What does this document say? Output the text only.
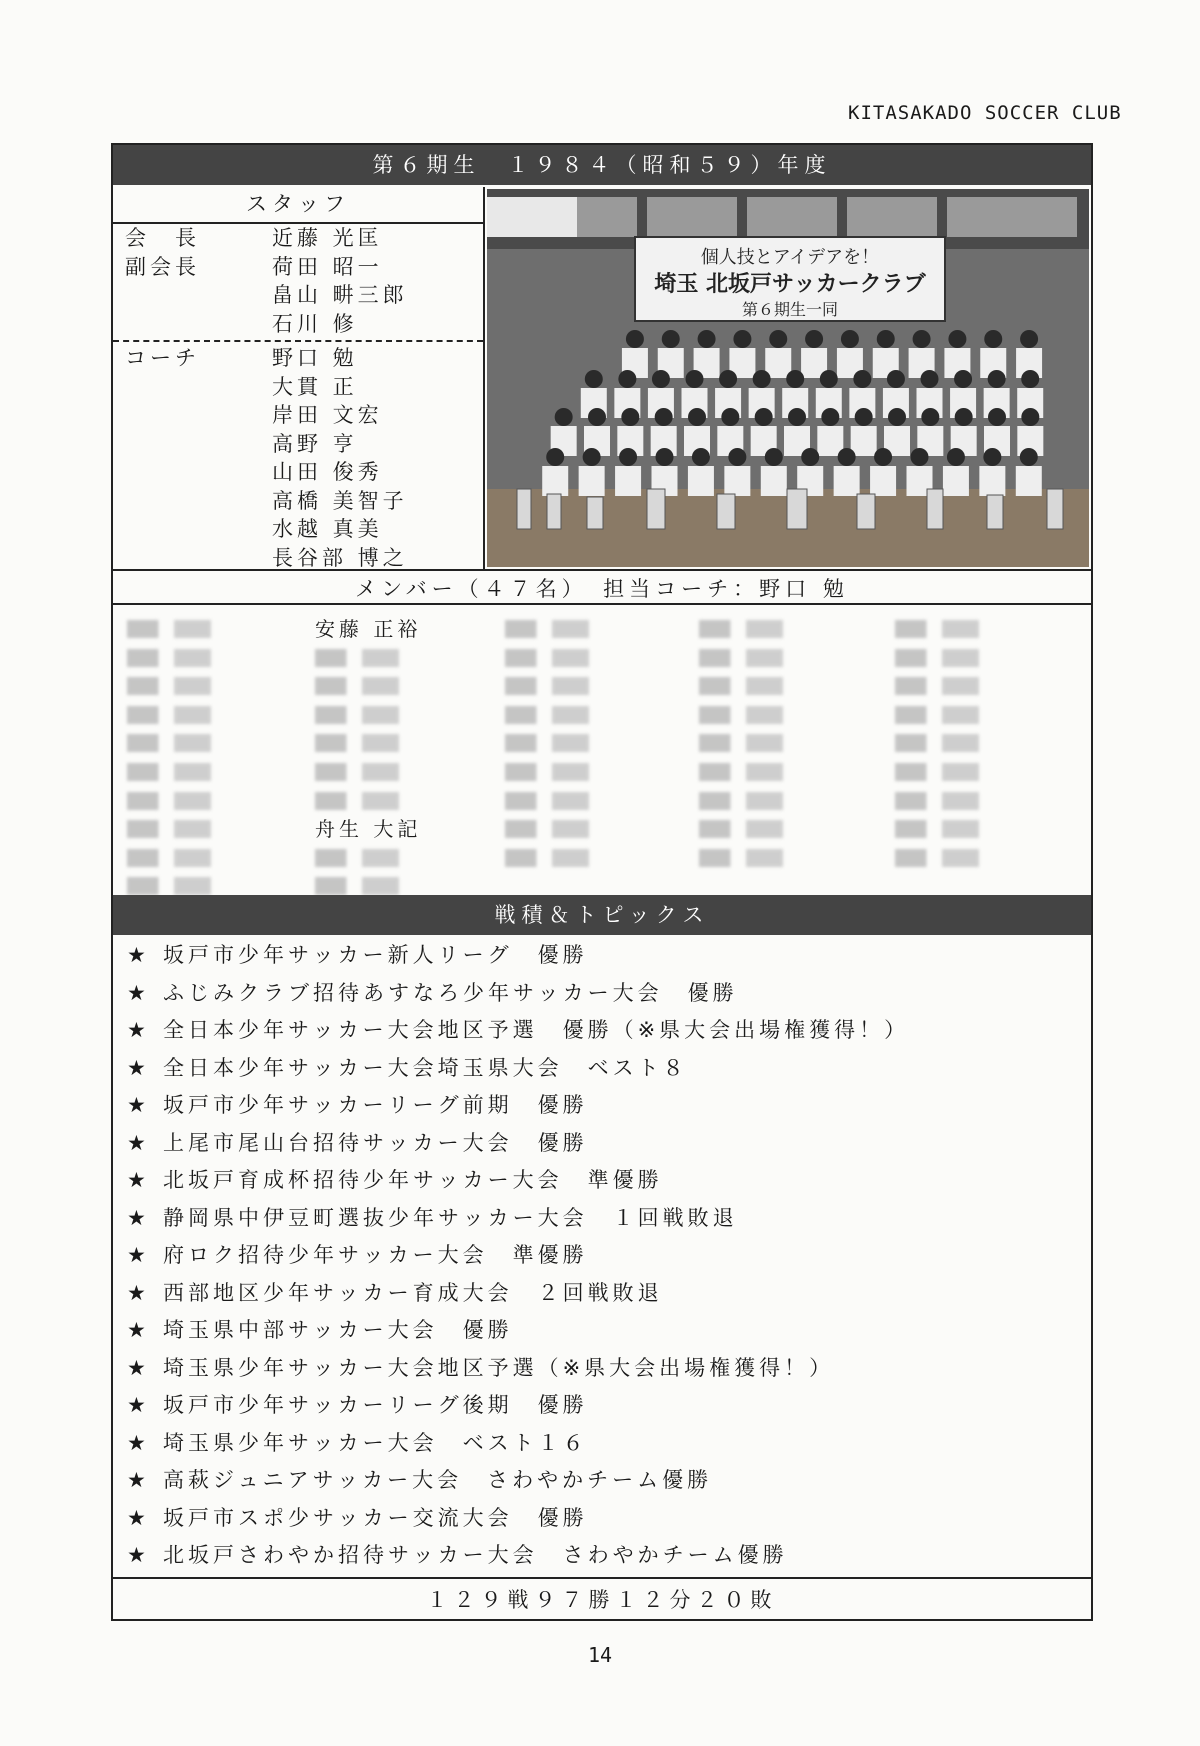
KITASAKADO SOCCER CLUB
第６期生　１９８４（昭和５９）年度
スタッフ
会　長	近藤 光匡
副会長	荷田 昭一
畠山 畊三郎
石川 修
コーチ	野口 勉
大貫 正
岸田 文宏
高野 亨
山田 俊秀
高橋 美智子
水越 真美
長谷部 博之
個人技とアイデアを！
埼玉 北坂戸サッカークラブ
第６期生一同
メンバー（４７名）　担当コーチ：野口 勉
安藤 正裕
舟生 大記
戦積＆トピックス
★ 坂戸市少年サッカー新人リーグ　優勝
★ ふじみクラブ招待あすなろ少年サッカー大会　優勝
★ 全日本少年サッカー大会地区予選　優勝（※県大会出場権獲得！）
★ 全日本少年サッカー大会埼玉県大会　ベスト８
★ 坂戸市少年サッカーリーグ前期　優勝
★ 上尾市尾山台招待サッカー大会　優勝
★ 北坂戸育成杯招待少年サッカー大会　準優勝
★ 静岡県中伊豆町選抜少年サッカー大会　１回戦敗退
★ 府ロク招待少年サッカー大会　準優勝
★ 西部地区少年サッカー育成大会　２回戦敗退
★ 埼玉県中部サッカー大会　優勝
★ 埼玉県少年サッカー大会地区予選（※県大会出場権獲得！）
★ 坂戸市少年サッカーリーグ後期　優勝
★ 埼玉県少年サッカー大会　ベスト１６
★ 高萩ジュニアサッカー大会　さわやかチーム優勝
★ 坂戸市スポ少サッカー交流大会　優勝
★ 北坂戸さわやか招待サッカー大会　さわやかチーム優勝
１２９戦９７勝１２分２０敗
14
